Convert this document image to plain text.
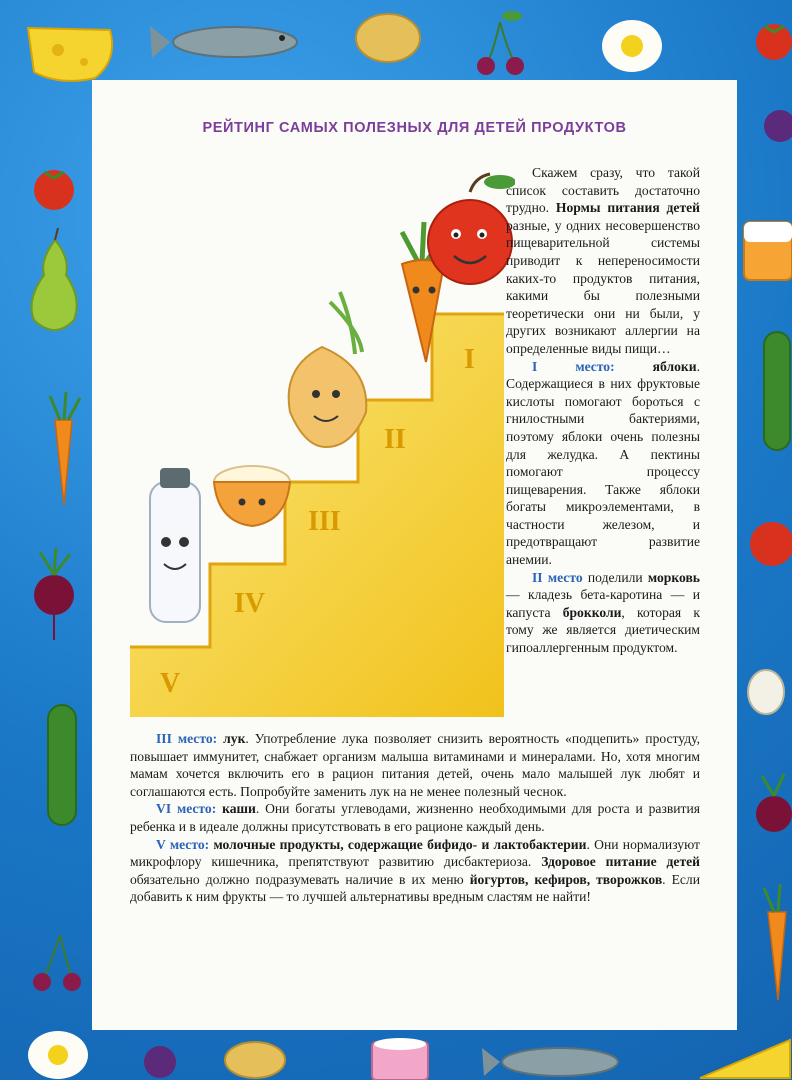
РЕЙТИНГ САМЫХ ПОЛЕЗНЫХ ДЛЯ ДЕТЕЙ ПРОДУКТОВ
V
IV
III
II
I

Скажем сразу, что такой список составить достаточно трудно. Нормы питания детей разные, у одних несовершенство пищеварительной системы приводит к непереносимости каких-то продуктов питания, какими бы полезными теоретически они ни были, у других возникают аллергии на определенные виды пищи…

I место:	яблоки. Содержащиеся в них фруктовые кислоты помогают бороться с гнилостными бактериями, поэтому яблоки очень полезны для желудка. А пектины помогают процессу пищеварения. Также яблоки богаты микроэлементами, в частности железом, и предотвращают развитие анемии.

II место поделили морковь — кладезь бета-каротина — и капуста брокколи, которая к тому же является диетическим гипоаллергенным продуктом.

III место: лук. Употребление лука позволяет снизить вероятность «подцепить» простуду, повышает иммунитет, снабжает организм малыша витаминами и минералами. Но, хотя многим мамам хочется включить его в рацион питания детей, очень мало малышей лук любят и соглашаются есть. Попробуйте заменить лук на не менее полезный чеснок.

VI место: каши. Они богаты углеводами, жизненно необходимыми для роста и развития ребенка и в идеале должны присутствовать в его рационе каждый день.

V место: молочные продукты, содержащие бифидо- и лактобактерии. Они нормализуют микрофлору кишечника, препятствуют развитию дисбактериоза. Здоровое питание детей обязательно должно подразумевать наличие в их меню йогуртов, кефиров, творожков. Если добавить к ним фрукты — то лучшей альтернативы вредным сластям не найти!
